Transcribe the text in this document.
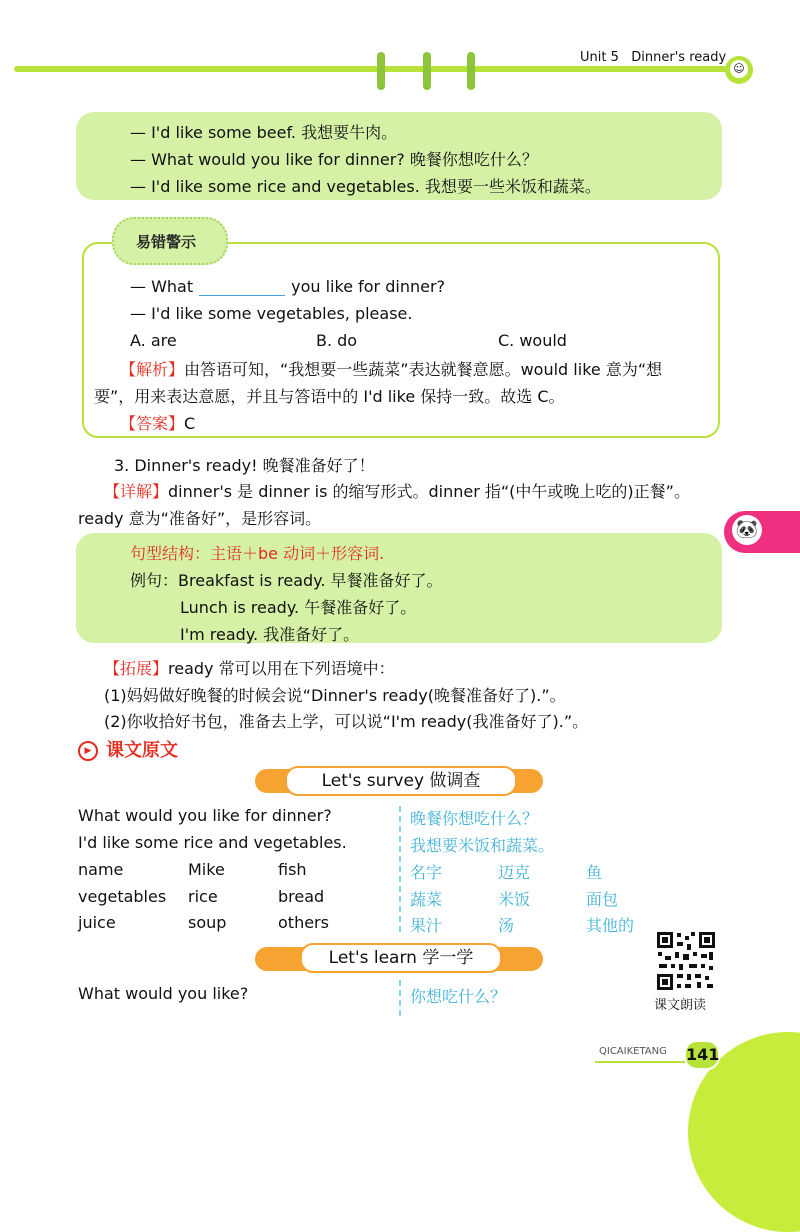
Unit 5 Dinner's ready
☺
— I'd like some beef. 我想要牛肉。
— What would you like for dinner? 晚餐你想吃什么？
— I'd like some rice and vegetables. 我想要一些米饭和蔬菜。
易错警示
— What	you like for dinner?
— I'd like some vegetables, please.
A. are	B. do	C. would
【解析】由答语可知，“我想要一些蔬菜”表达就餐意愿。would like 意为“想
要”，用来表达意愿，并且与答语中的 I'd like 保持一致。故选 C。
【答案】C
3. Dinner's ready! 晚餐准备好了！
【详解】dinner's 是 dinner is 的缩写形式。dinner 指“(中午或晚上吃的)正餐”。
ready 意为“准备好”，是形容词。
🐼
句型结构：主语＋be 动词＋形容词.
例句：Breakfast is ready. 早餐准备好了。
Lunch is ready. 午餐准备好了。
I'm ready. 我准备好了。
【拓展】ready 常可以用在下列语境中：
(1)妈妈做好晚餐的时候会说“Dinner's ready(晚餐准备好了).”。
(2)你收拾好书包，准备去上学，可以说“I'm ready(我准备好了).”。
▶ 课文原文
Let's survey 做调查
What would you like for dinner?
I'd like some rice and vegetables.
晚餐你想吃什么？
我想要米饭和蔬菜。
name	Mike	fish
vegetables rice	bread
juice	soup	others
名字	迈克	鱼
蔬菜	米饭	面包
果汁	汤	其他的
Let's learn 学一学
What would you like?	你想吃什么？	课文朗读
QICAIKETANG 141
